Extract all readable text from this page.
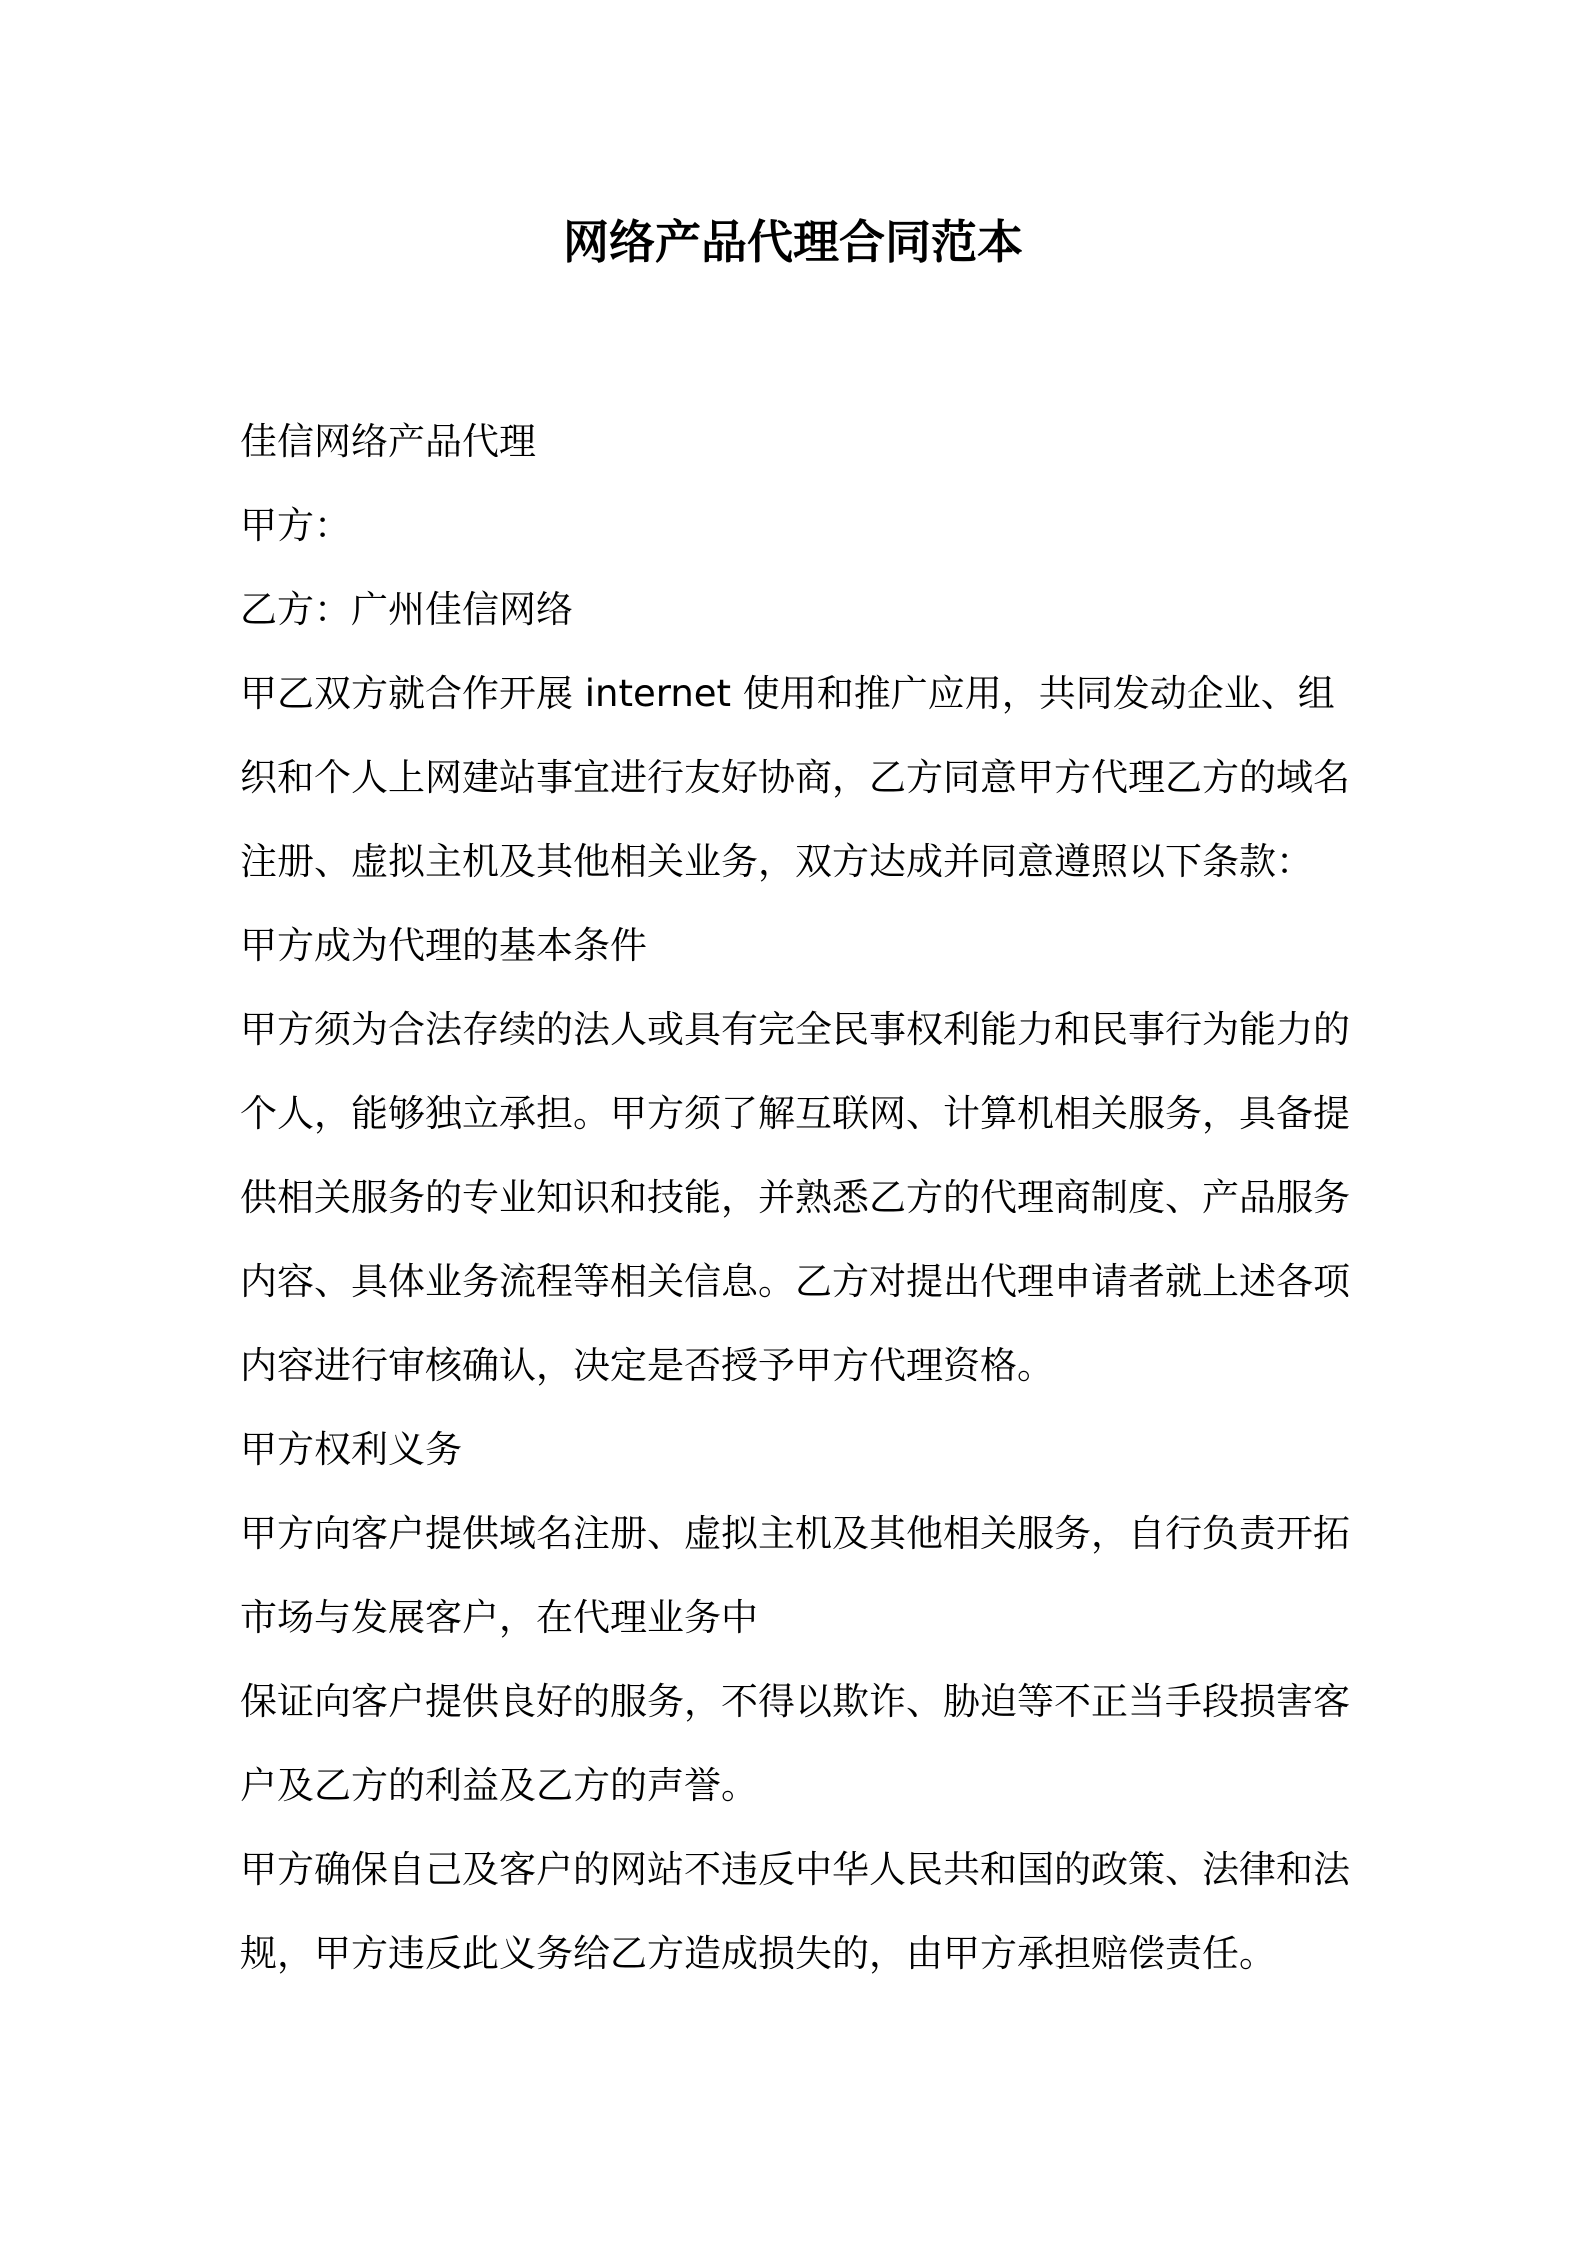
网络产品代理合同范本

佳信网络产品代理

甲方：

乙方：广州佳信网络

甲乙双方就合作开展 internet 使用和推广应用，共同发动企业、组织和个人上网建站事宜进行友好协商，乙方同意甲方代理乙方的域名注册、虚拟主机及其他相关业务，双方达成并同意遵照以下条款：

甲方成为代理的基本条件

甲方须为合法存续的法人或具有完全民事权利能力和民事行为能力的个人，能够独立承担。甲方须了解互联网、计算机相关服务，具备提供相关服务的专业知识和技能，并熟悉乙方的代理商制度、产品服务内容、具体业务流程等相关信息。乙方对提出代理申请者就上述各项内容进行审核确认，决定是否授予甲方代理资格。

甲方权利义务

甲方向客户提供域名注册、虚拟主机及其他相关服务，自行负责开拓市场与发展客户，在代理业务中

保证向客户提供良好的服务，不得以欺诈、胁迫等不正当手段损害客户及乙方的利益及乙方的声誉。

甲方确保自己及客户的网站不违反中华人民共和国的政策、法律和法规，甲方违反此义务给乙方造成损失的，由甲方承担赔偿责任。
